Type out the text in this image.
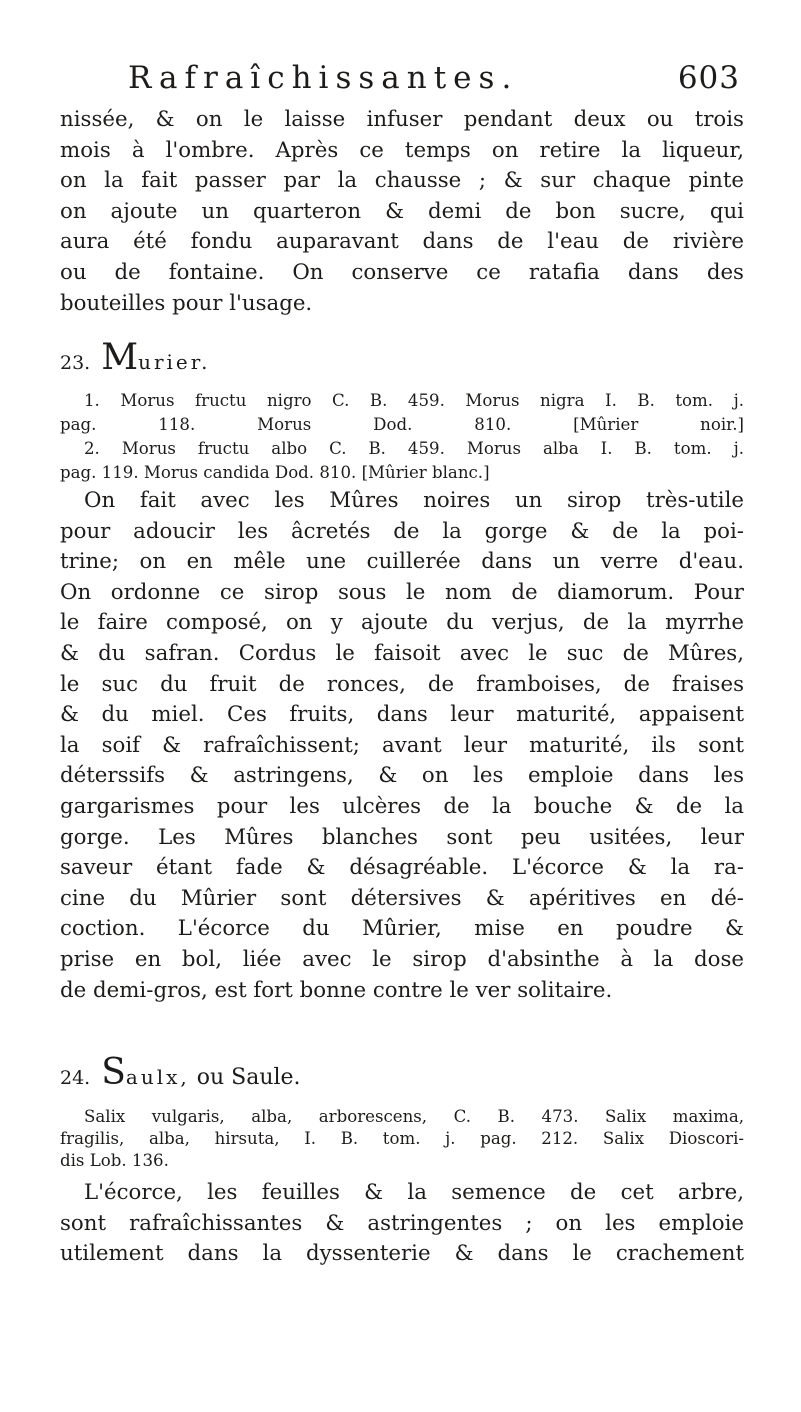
Rafraîchissantes.	603
nissée, & on le laisse infuser pendant deux ou trois
mois à l'ombre. Après ce temps on retire la liqueur,
on la fait passer par la chausse ; & sur chaque pinte
on ajoute un quarteron & demi de bon sucre, qui
aura été fondu auparavant dans de l'eau de rivière
ou de fontaine. On conserve ce ratafia dans des
bouteilles pour l'usage.
23. Murier.
1. Morus fructu nigro C. B. 459. Morus nigra I. B. tom. j.
pag. 118. Morus Dod. 810. [Mûrier noir.]
2. Morus fructu albo C. B. 459. Morus alba I. B. tom. j.
pag. 119. Morus candida Dod. 810. [Mûrier blanc.]
On fait avec les Mûres noires un sirop très-utile
pour adoucir les âcretés de la gorge & de la poi-
trine; on en mêle une cuillerée dans un verre d'eau.
On ordonne ce sirop sous le nom de diamorum. Pour
le faire composé, on y ajoute du verjus, de la myrrhe
& du safran. Cordus le faisoit avec le suc de Mûres,
le suc du fruit de ronces, de framboises, de fraises
& du miel. Ces fruits, dans leur maturité, appaisent
la soif & rafraîchissent; avant leur maturité, ils sont
déterssifs & astringens, & on les emploie dans les
gargarismes pour les ulcères de la bouche & de la
gorge. Les Mûres blanches sont peu usitées, leur
saveur étant fade & désagréable. L'écorce & la ra-
cine du Mûrier sont détersives & apéritives en dé-
coction. L'écorce du Mûrier, mise en poudre &
prise en bol, liée avec le sirop d'absinthe à la dose
de demi-gros, est fort bonne contre le ver solitaire.
24. Saulx, ou Saule.
Salix vulgaris, alba, arborescens, C. B. 473. Salix maxima,
fragilis, alba, hirsuta, I. B. tom. j. pag. 212. Salix Dioscori-
dis Lob. 136.
L'écorce, les feuilles & la semence de cet arbre,
sont rafraîchissantes & astringentes ; on les emploie
utilement dans la dyssenterie & dans le crachement
